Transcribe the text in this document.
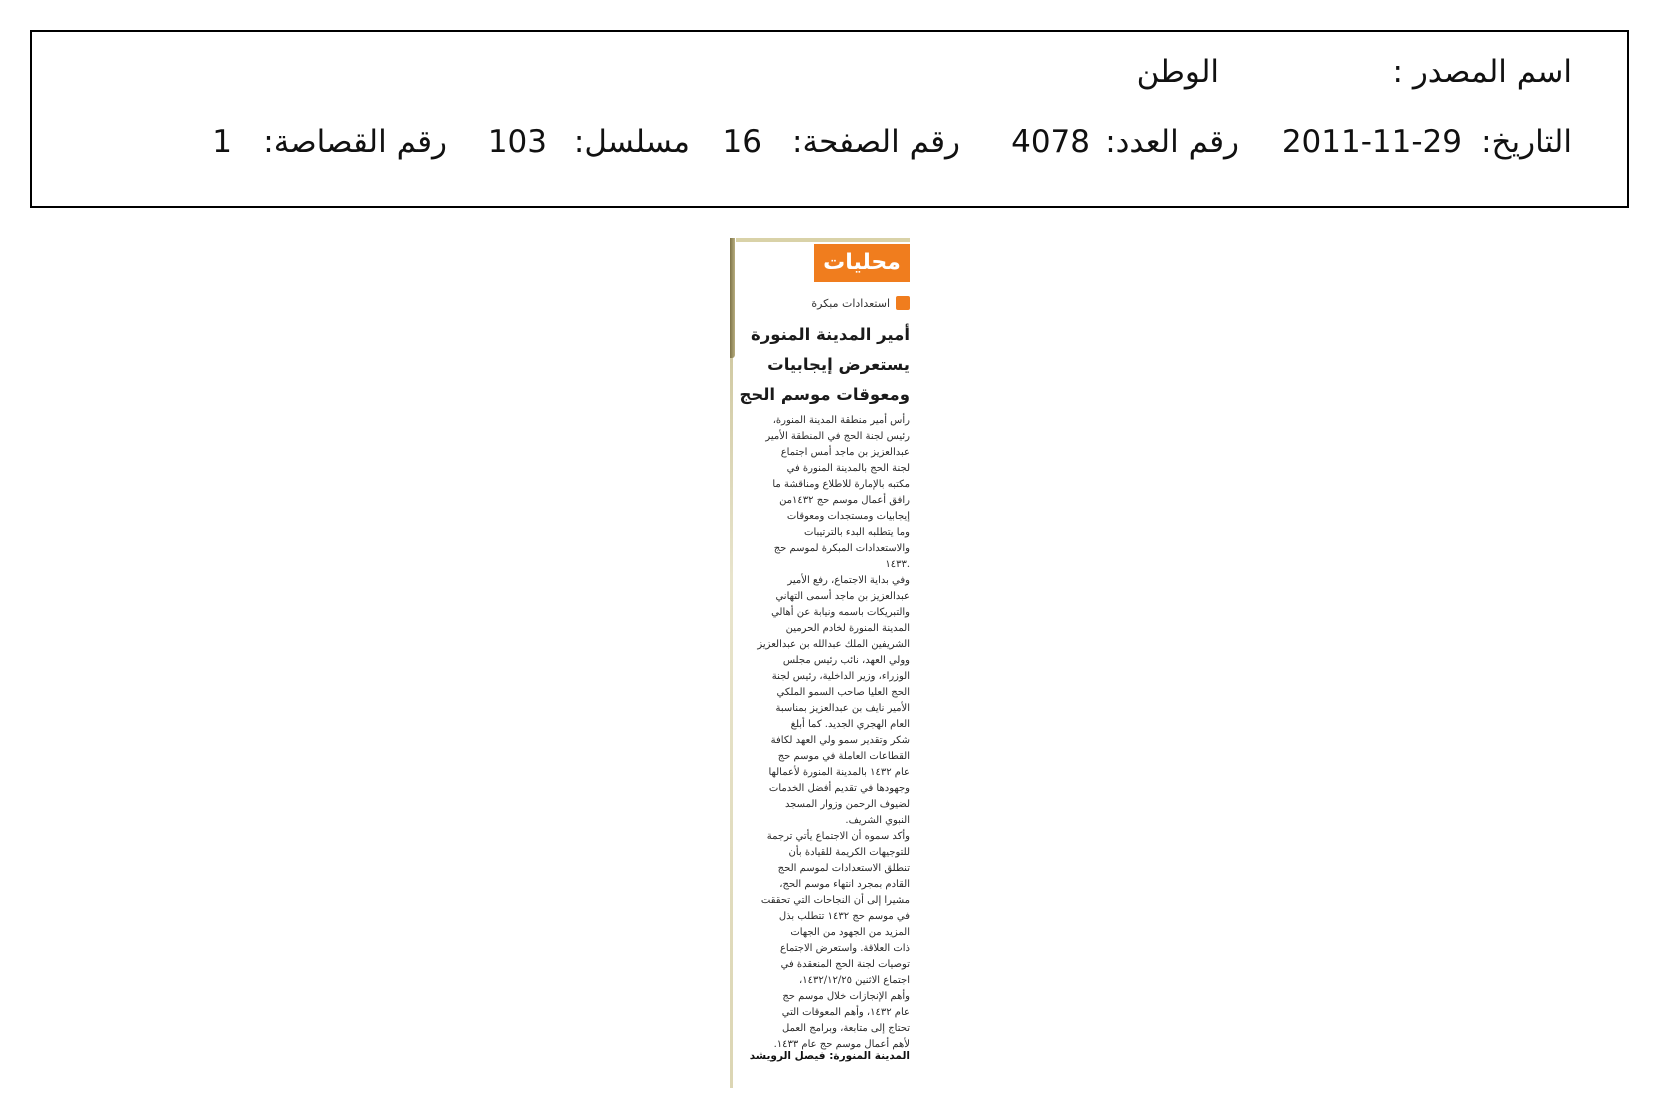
اسم المصدر :
الوطن
التاريخ:
2011-11-29
رقم العدد:
4078
رقم الصفحة:
16
مسلسل:
103
رقم القصاصة:
1
محليات
استعدادات مبكرة
أمير المدينة المنورة
يستعرض إيجابيات
ومعوقات موسم الحج
رأس أمير منطقة المدينة المنورة،
رئيس لجنة الحج في المنطقة الأمير
عبدالعزيز بن ماجد أمس اجتماع
لجنة الحج بالمدينة المنورة في
مكتبه بالإمارة للاطلاع ومناقشة ما
رافق أعمال موسم حج ١٤٣٢من
إيجابيات ومستجدات ومعوقات
وما يتطلبه البدء بالترتيبات
والاستعدادات المبكرة لموسم حج
.١٤٣٣
وفي بداية الاجتماع، رفع الأمير
عبدالعزيز بن ماجد أسمى التهاني
والتبريكات باسمه ونيابة عن أهالي
المدينة المنورة لخادم الحرمين
الشريفين الملك عبدالله بن عبدالعزيز
وولي العهد، نائب رئيس مجلس
الوزراء، وزير الداخلية، رئيس لجنة
الحج العليا صاحب السمو الملكي
الأمير نايف بن عبدالعزيز بمناسبة
العام الهجري الجديد. كما أبلغ
شكر وتقدير سمو ولي العهد لكافة
القطاعات العاملة في موسم حج
عام ١٤٣٢ بالمدينة المنورة لأعمالها
وجهودها في تقديم أفضل الخدمات
لضيوف الرحمن وزوار المسجد
النبوي الشريف.
وأكد سموه أن الاجتماع يأتي ترجمة
للتوجيهات الكريمة للقيادة بأن
تنطلق الاستعدادات لموسم الحج
القادم بمجرد انتهاء موسم الحج،
مشيرا إلى أن النجاحات التي تحققت
في موسم حج ١٤٣٢ تتطلب بذل
المزيد من الجهود من الجهات
ذات العلاقة. واستعرض الاجتماع
توصيات لجنة الحج المنعقدة في
اجتماع الاثنين ١٤٣٢/١٢/٢٥،
وأهم الإنجازات خلال موسم حج
عام ١٤٣٢، وأهم المعوقات التي
تحتاج إلى متابعة، وبرامج العمل
لأهم أعمال موسم حج عام ١٤٣٣.
المدينة المنورة: فيصل الرويشد
